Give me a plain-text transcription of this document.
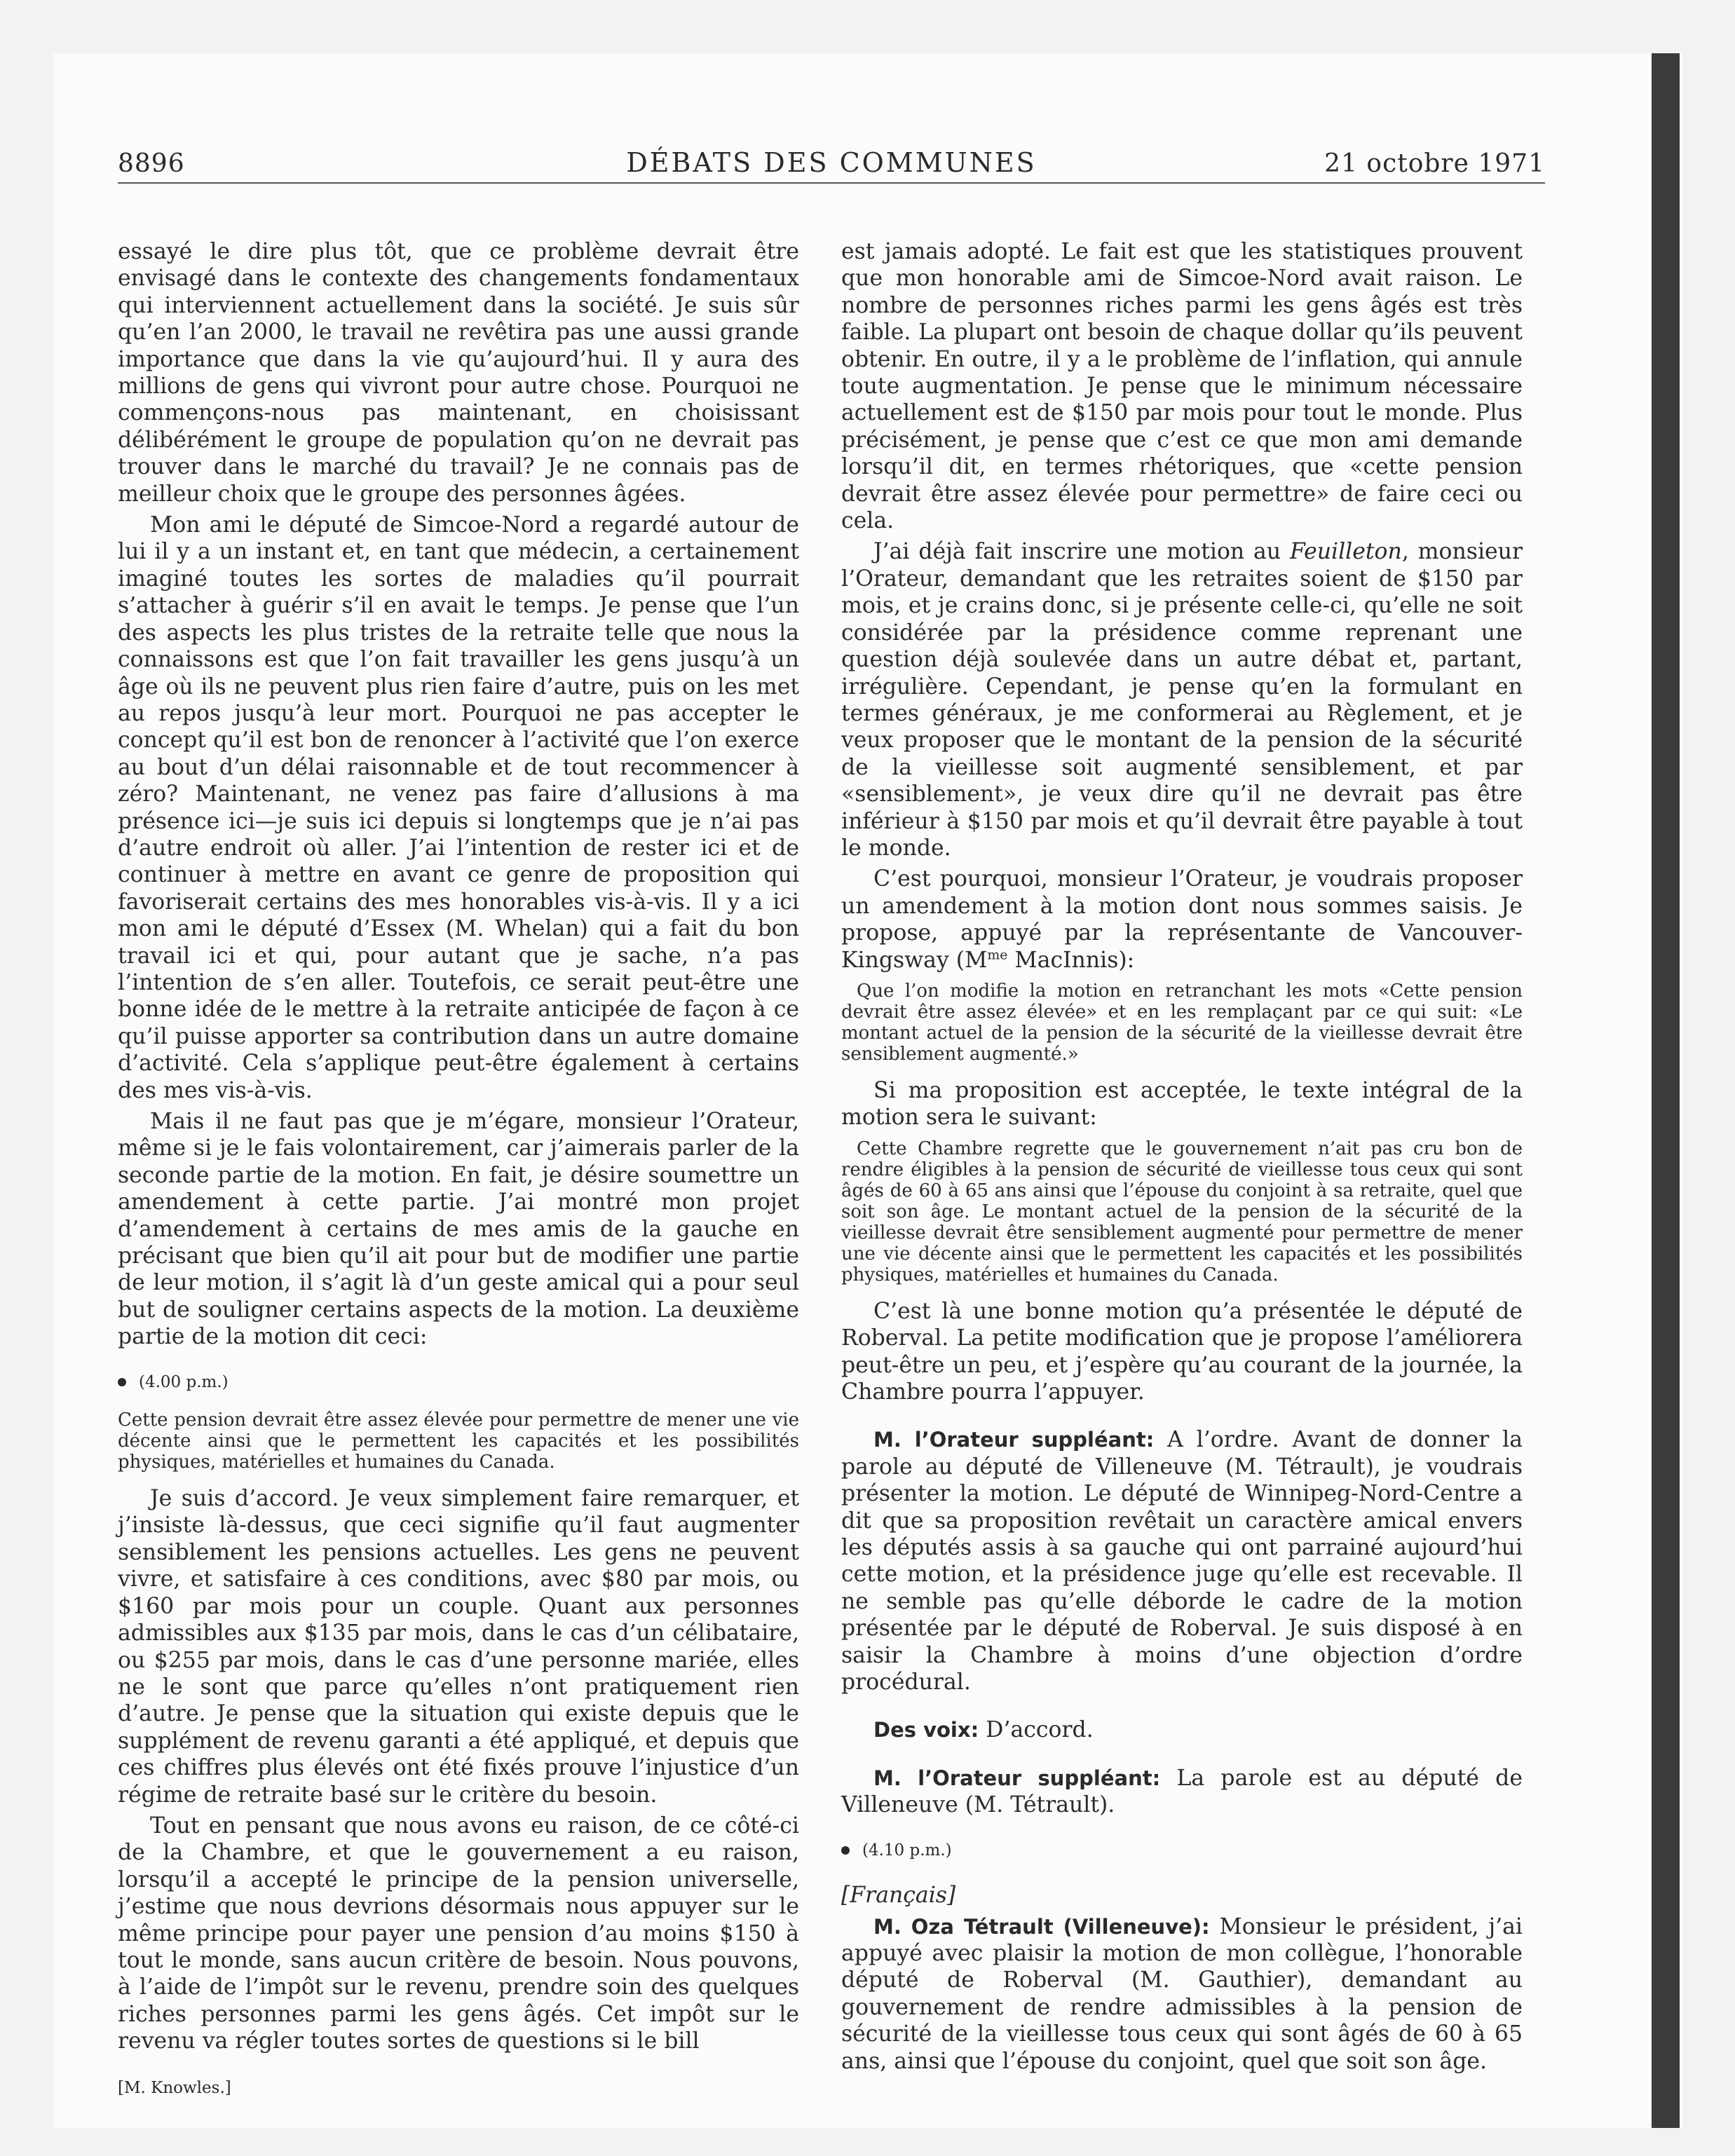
8896	DÉBATS DES COMMUNES	21 octobre 1971

essayé le dire plus tôt, que ce problème devrait être envisagé dans le contexte des changements fondamentaux qui interviennent actuellement dans la société. Je suis sûr qu’en l’an 2000, le travail ne revêtira pas une aussi grande importance que dans la vie qu’aujourd’hui. Il y aura des millions de gens qui vivront pour autre chose. Pourquoi ne commençons-nous pas maintenant, en choisissant délibérément le groupe de population qu’on ne devrait pas trouver dans le marché du travail? Je ne connais pas de meilleur choix que le groupe des personnes âgées.

Mon ami le député de Simcoe-Nord a regardé autour de lui il y a un instant et, en tant que médecin, a certainement imaginé toutes les sortes de maladies qu’il pourrait s’attacher à guérir s’il en avait le temps. Je pense que l’un des aspects les plus tristes de la retraite telle que nous la connaissons est que l’on fait travailler les gens jusqu’à un âge où ils ne peuvent plus rien faire d’autre, puis on les met au repos jusqu’à leur mort. Pourquoi ne pas accepter le concept qu’il est bon de renoncer à l’activité que l’on exerce au bout d’un délai raisonnable et de tout recommencer à zéro? Maintenant, ne venez pas faire d’allusions à ma présence ici—je suis ici depuis si longtemps que je n’ai pas d’autre endroit où aller. J’ai l’intention de rester ici et de continuer à mettre en avant ce genre de proposition qui favoriserait certains des mes honorables vis-à-vis. Il y a ici mon ami le député d’Essex (M. Whelan) qui a fait du bon travail ici et qui, pour autant que je sache, n’a pas l’intention de s’en aller. Toutefois, ce serait peut-être une bonne idée de le mettre à la retraite anticipée de façon à ce qu’il puisse apporter sa contribution dans un autre domaine d’activité. Cela s’applique peut-être également à certains des mes vis-à-vis.

Mais il ne faut pas que je m’égare, monsieur l’Orateur, même si je le fais volontairement, car j’aimerais parler de la seconde partie de la motion. En fait, je désire soumettre un amendement à cette partie. J’ai montré mon projet d’amendement à certains de mes amis de la gauche en précisant que bien qu’il ait pour but de modifier une partie de leur motion, il s’agit là d’un geste amical qui a pour seul but de souligner certains aspects de la motion. La deuxième partie de la motion dit ceci:

(4.00 p.m.)

Cette pension devrait être assez élevée pour permettre de mener une vie décente ainsi que le permettent les capacités et les possibilités physiques, matérielles et humaines du Canada.

Je suis d’accord. Je veux simplement faire remarquer, et j’insiste là-dessus, que ceci signifie qu’il faut augmenter sensiblement les pensions actuelles. Les gens ne peuvent vivre, et satisfaire à ces conditions, avec $80 par mois, ou $160 par mois pour un couple. Quant aux personnes admissibles aux $135 par mois, dans le cas d’un célibataire, ou $255 par mois, dans le cas d’une personne mariée, elles ne le sont que parce qu’elles n’ont pratiquement rien d’autre. Je pense que la situation qui existe depuis que le supplément de revenu garanti a été appliqué, et depuis que ces chiffres plus élevés ont été fixés prouve l’injustice d’un régime de retraite basé sur le critère du besoin.

Tout en pensant que nous avons eu raison, de ce côté-ci de la Chambre, et que le gouvernement a eu raison, lorsqu’il a accepté le principe de la pension universelle, j’estime que nous devrions désormais nous appuyer sur le même principe pour payer une pension d’au moins $150 à tout le monde, sans aucun critère de besoin. Nous pouvons, à l’aide de l’impôt sur le revenu, prendre soin des quelques riches personnes parmi les gens âgés. Cet impôt sur le revenu va régler toutes sortes de questions si le bill

[M. Knowles.]

est jamais adopté. Le fait est que les statistiques prouvent que mon honorable ami de Simcoe-Nord avait raison. Le nombre de personnes riches parmi les gens âgés est très faible. La plupart ont besoin de chaque dollar qu’ils peuvent obtenir. En outre, il y a le problème de l’inflation, qui annule toute augmentation. Je pense que le minimum nécessaire actuellement est de $150 par mois pour tout le monde. Plus précisément, je pense que c’est ce que mon ami demande lorsqu’il dit, en termes rhétoriques, que «cette pension devrait être assez élevée pour permettre» de faire ceci ou cela.

J’ai déjà fait inscrire une motion au Feuilleton, monsieur l’Orateur, demandant que les retraites soient de $150 par mois, et je crains donc, si je présente celle-ci, qu’elle ne soit considérée par la présidence comme reprenant une question déjà soulevée dans un autre débat et, partant, irrégulière. Cependant, je pense qu’en la formulant en termes généraux, je me conformerai au Règlement, et je veux proposer que le montant de la pension de la sécurité de la vieillesse soit augmenté sensiblement, et par «sensiblement», je veux dire qu’il ne devrait pas être inférieur à $150 par mois et qu’il devrait être payable à tout le monde.

C’est pourquoi, monsieur l’Orateur, je voudrais proposer un amendement à la motion dont nous sommes saisis. Je propose, appuyé par la représentante de Vancouver-Kingsway ($M^{me}$ MacInnis):

Que l’on modifie la motion en retranchant les mots «Cette pension devrait être assez élevée» et en les remplaçant par ce qui suit: «Le montant actuel de la pension de la sécurité de la vieillesse devrait être sensiblement augmenté.»

Si ma proposition est acceptée, le texte intégral de la motion sera le suivant:

Cette Chambre regrette que le gouvernement n’ait pas cru bon de rendre éligibles à la pension de sécurité de vieillesse tous ceux qui sont âgés de 60 à 65 ans ainsi que l’épouse du conjoint à sa retraite, quel que soit son âge. Le montant actuel de la pension de la sécurité de la vieillesse devrait être sensiblement augmenté pour permettre de mener une vie décente ainsi que le permettent les capacités et les possibilités physiques, matérielles et humaines du Canada.

C’est là une bonne motion qu’a présentée le député de Roberval. La petite modification que je propose l’améliorera peut-être un peu, et j’espère qu’au courant de la journée, la Chambre pourra l’appuyer.

M. l’Orateur suppléant: A l’ordre. Avant de donner la parole au député de Villeneuve (M. Tétrault), je voudrais présenter la motion. Le député de Winnipeg-Nord-Centre a dit que sa proposition revêtait un caractère amical envers les députés assis à sa gauche qui ont parrainé aujourd’hui cette motion, et la présidence juge qu’elle est recevable. Il ne semble pas qu’elle déborde le cadre de la motion présentée par le député de Roberval. Je suis disposé à en saisir la Chambre à moins d’une objection d’ordre procédural.

Des voix: D’accord.

M. l’Orateur suppléant: La parole est au député de Villeneuve (M. Tétrault).

(4.10 p.m.)

[Français]

M. Oza Tétrault (Villeneuve): Monsieur le président, j’ai appuyé avec plaisir la motion de mon collègue, l’honorable député de Roberval (M. Gauthier), demandant au gouvernement de rendre admissibles à la pension de sécurité de la vieillesse tous ceux qui sont âgés de 60 à 65 ans, ainsi que l’épouse du conjoint, quel que soit son âge.
